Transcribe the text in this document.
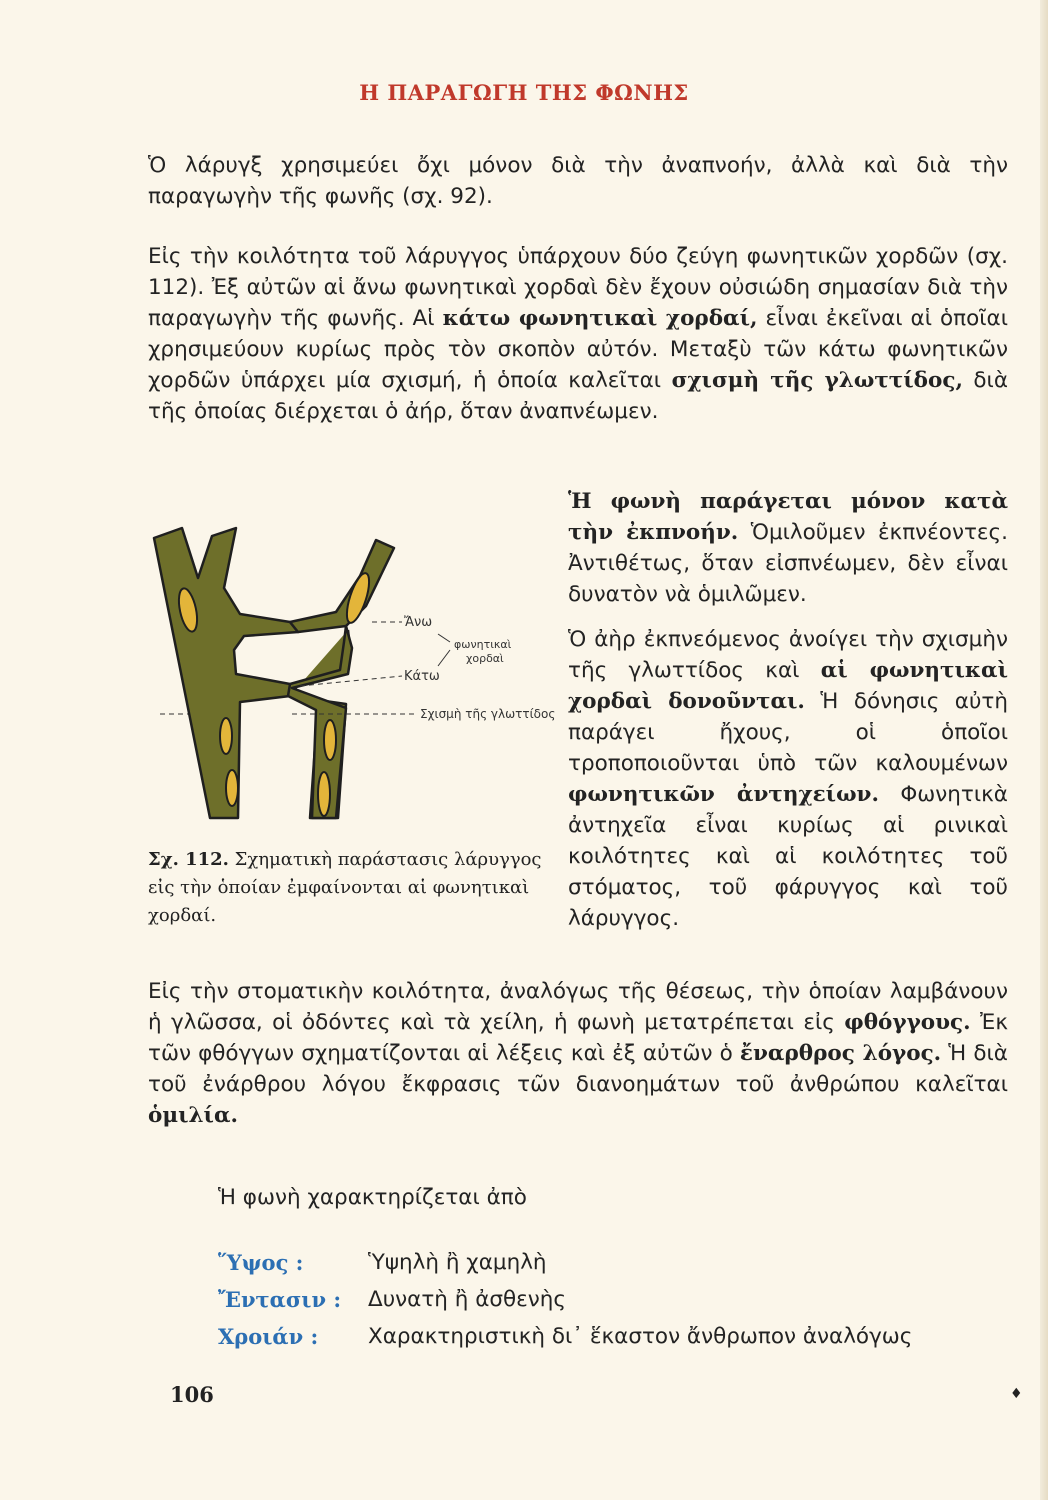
Η ΠΑΡΑΓΩΓΗ ΤΗΣ ΦΩΝΗΣ

Ὁ λάρυγξ χρησιμεύει ὄχι μόνον διὰ τὴν ἀναπνοήν, ἀλλὰ καὶ διὰ τὴν παραγωγὴν τῆς φωνῆς (σχ. 92).

Εἰς τὴν κοιλότητα τοῦ λάρυγγος ὑπάρχουν δύο ζεύγη φωνητικῶν χορδῶν (σχ. 112). Ἐξ αὐτῶν αἱ ἄνω φωνητικαὶ χορδαὶ δὲν ἔχουν οὐσιώδη σημασίαν διὰ τὴν παραγωγὴν τῆς φωνῆς. Αἱ κάτω φωνητικαὶ χορδαί, εἶναι ἐκεῖναι αἱ ὁποῖαι χρησιμεύουν κυρίως πρὸς τὸν σκοπὸν αὐτόν. Μεταξὺ τῶν κάτω φωνητικῶν χορδῶν ὑπάρχει μία σχισμή, ἡ ὁποία καλεῖται σχισμὴ τῆς γλωττίδος, διὰ τῆς ὁποίας διέρχεται ὁ ἀήρ, ὅταν ἀναπνέωμεν.

Ἄνω
Κάτω
φωνητικαὶ
χορδαὶ
Σχισμὴ τῆς γλωττίδος

Ἡ φωνὴ παράγεται μόνον κατὰ τὴν ἐκπνοήν. Ὁμιλοῦμεν ἐκπνέοντες. Ἀντιθέτως, ὅταν εἰσπνέωμεν, δὲν εἶναι δυνατὸν νὰ ὁμιλῶμεν.

Ὁ ἀὴρ ἐκπνεόμενος ἀνοίγει τὴν σχισμὴν τῆς γλωττίδος καὶ αἱ φωνητικαὶ χορδαὶ δονοῦνται. Ἡ δόνησις αὐτὴ παράγει ἤχους, οἱ ὁποῖοι τροποποιοῦνται ὑπὸ τῶν καλουμένων φωνητικῶν ἀντηχείων. Φωνητικὰ ἀντηχεῖα εἶναι κυρίως αἱ ρινικαὶ κοιλότητες καὶ αἱ κοιλότητες τοῦ στόματος, τοῦ φάρυγγος καὶ τοῦ λάρυγγος.

Σχ. 112. Σχηματικὴ παράστασις λάρυγγος εἰς τὴν ὁποίαν ἐμφαίνονται αἱ φωνητικαὶ χορδαί.

Εἰς τὴν στοματικὴν κοιλότητα, ἀναλόγως τῆς θέσεως, τὴν ὁποίαν λαμβάνουν ἡ γλῶσσα, οἱ ὀδόντες καὶ τὰ χείλη, ἡ φωνὴ μετατρέπεται εἰς φθόγγους. Ἐκ τῶν φθόγγων σχηματίζονται αἱ λέξεις καὶ ἐξ αὐτῶν ὁ ἔναρθρος λόγος. Ἡ διὰ τοῦ ἐνάρθρου λόγου ἔκφρασις τῶν διανοημάτων τοῦ ἀνθρώπου καλεῖται ὁμιλία.

Ἡ φωνὴ χαρακτηρίζεται ἀπὸ

Ὕψος :	Ὑψηλὴ ἢ χαμηλὴ
Ἔντασιν :	Δυνατὴ ἢ ἀσθενὴς
Χροιάν :	Χαρακτηριστικὴ δι᾽ ἕκαστον ἄνθρωπον ἀναλόγως
106	♦
